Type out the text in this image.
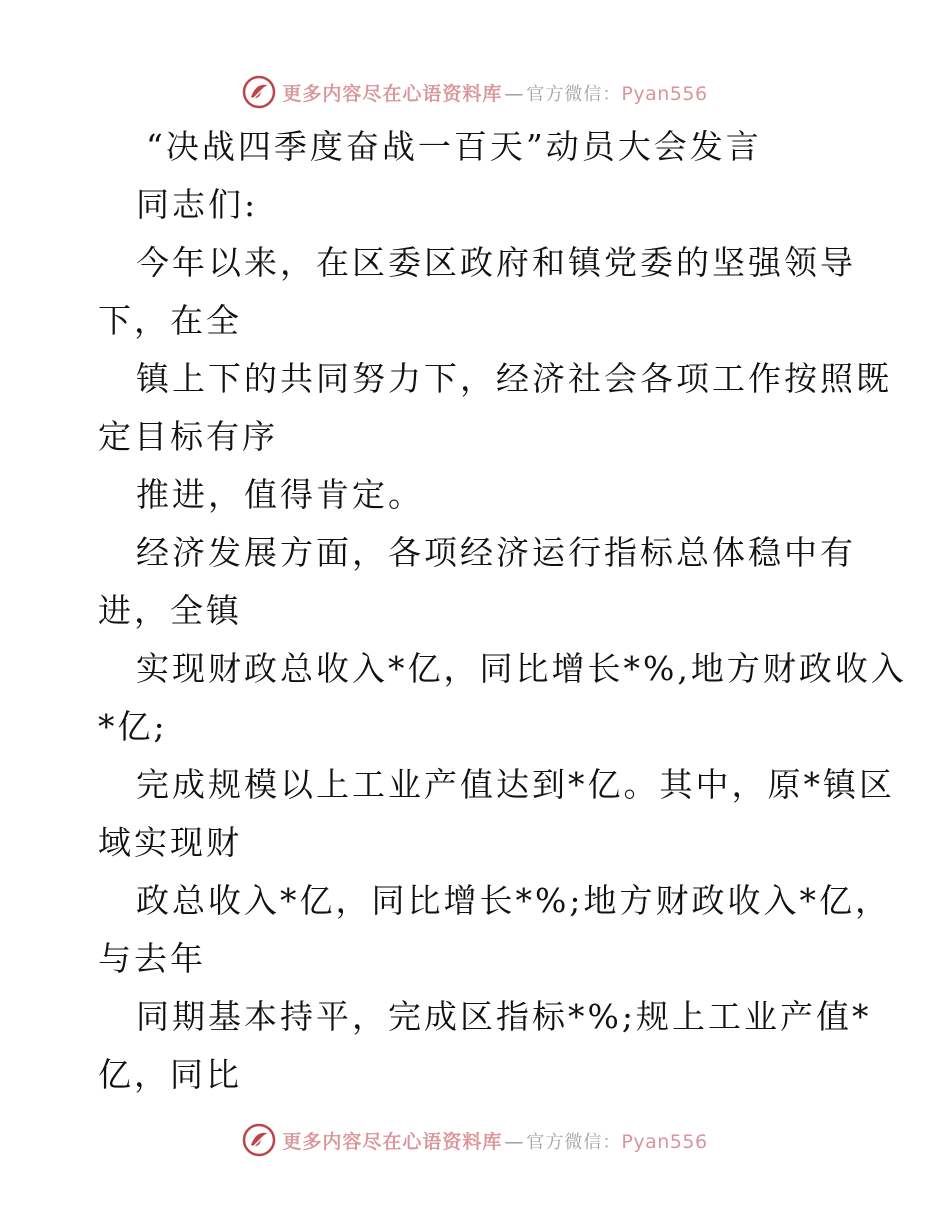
更多内容尽在心语资料库 — 官方微信： Pyan556
“决战四季度奋战一百天”动员大会发言

同志们:

今年以来，在区委区政府和镇党委的坚强领导
下，在全

镇上下的共同努力下，经济社会各项工作按照既
定目标有序

推进，值得肯定。

经济发展方面，各项经济运行指标总体稳中有
进，全镇

实现财政总收入*亿，同比增长*%,地方财政收入
*亿;

完成规模以上工业产值达到*亿。其中，原*镇区
域实现财

政总收入*亿，同比增长*%;地方财政收入*亿，
与去年

同期基本持平，完成区指标*%;规上工业产值*
亿，同比

更多内容尽在心语资料库 — 官方微信： Pyan556
